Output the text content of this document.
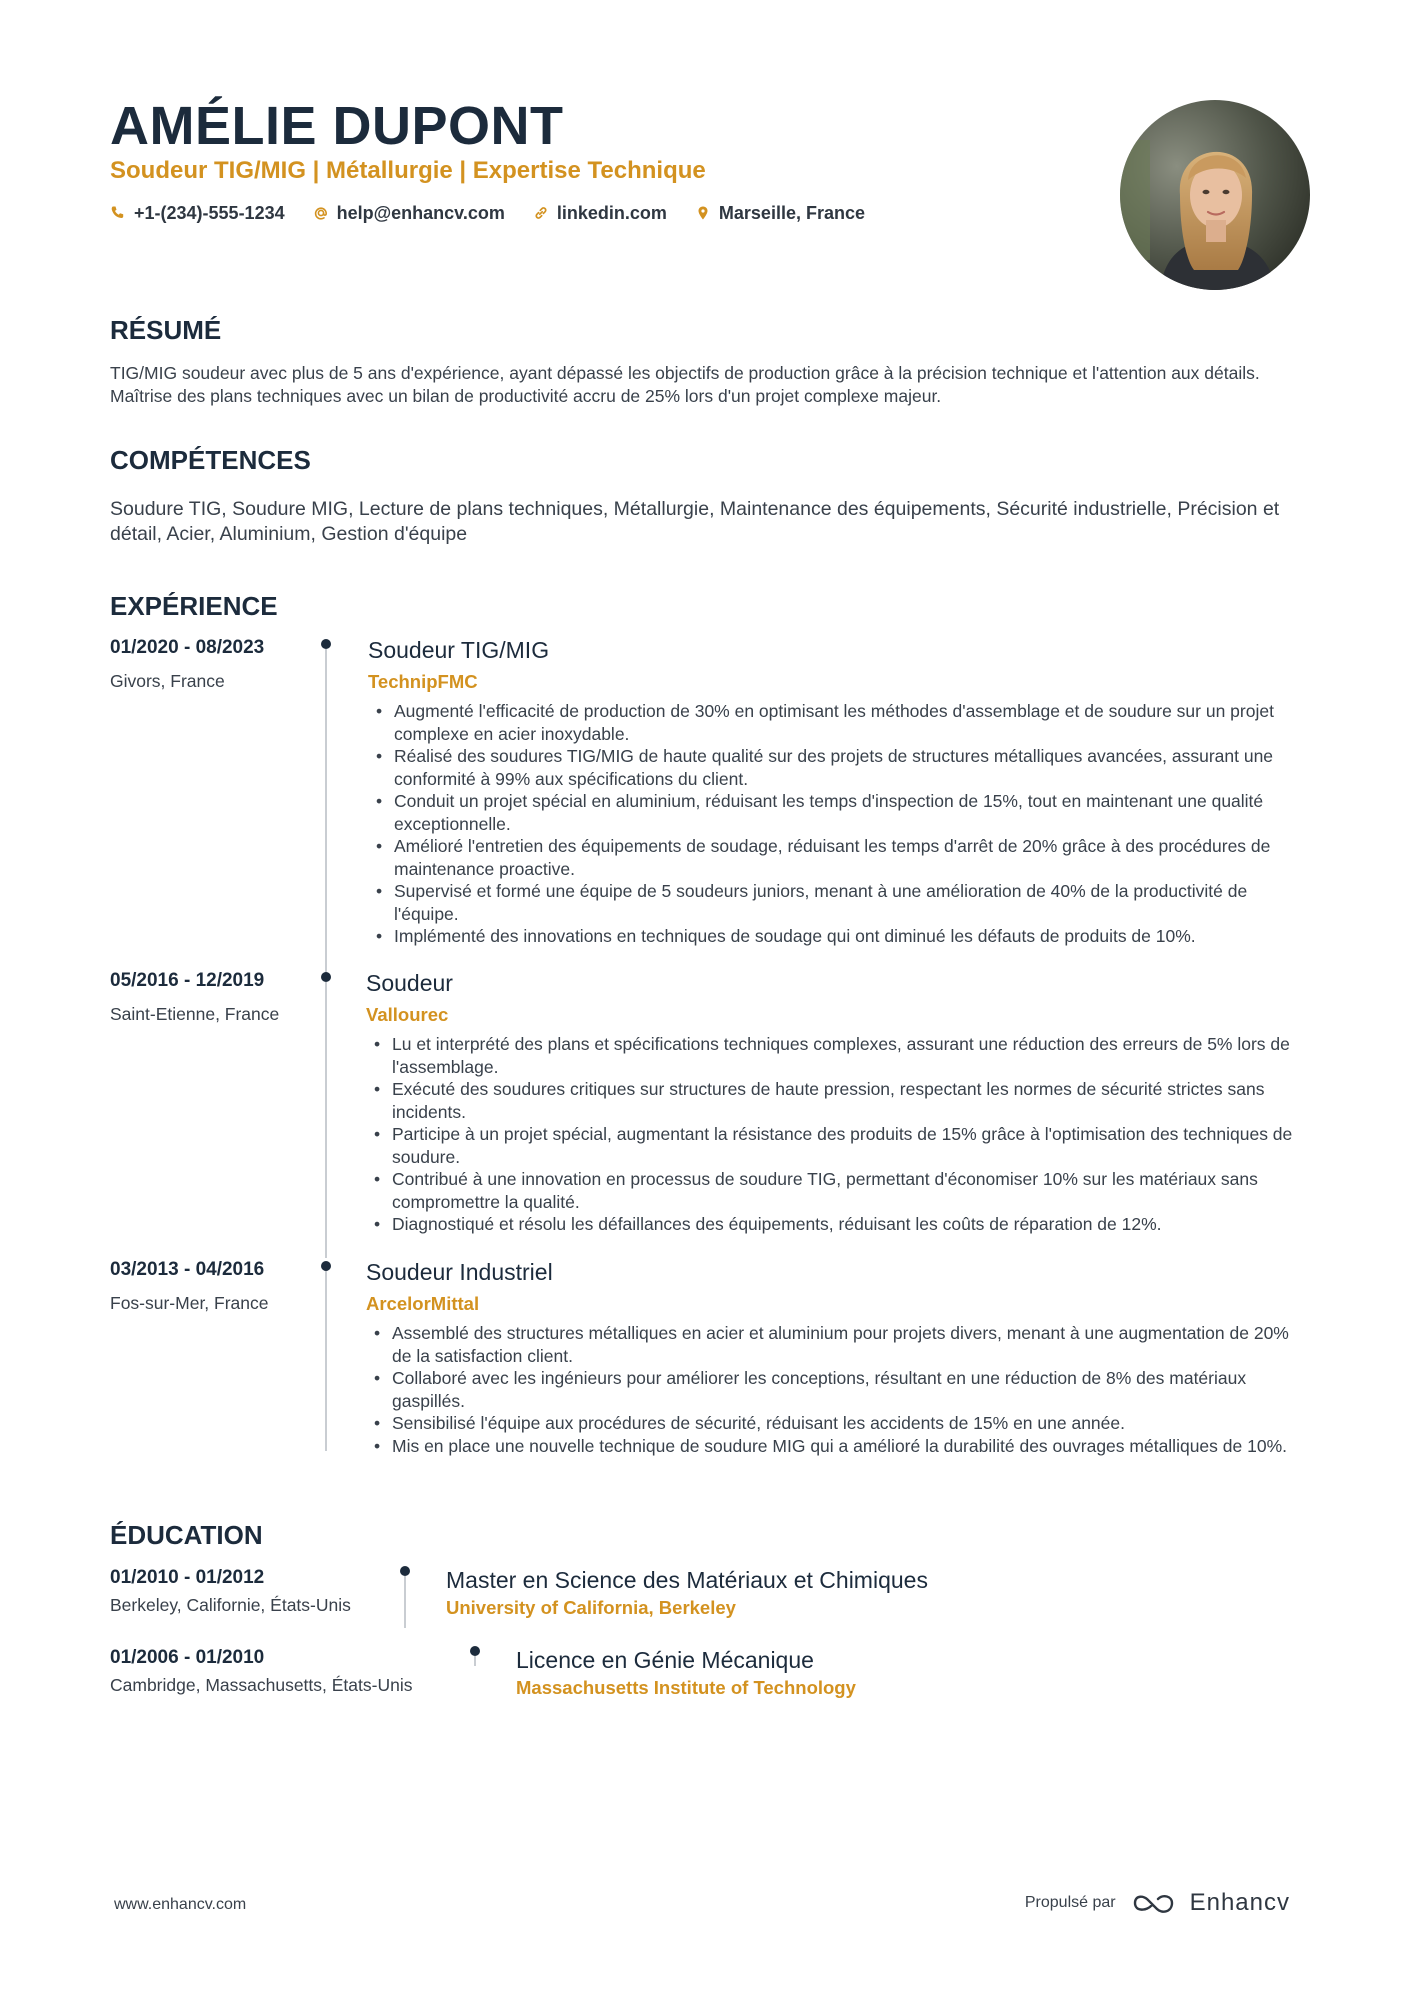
AMÉLIE DUPONT
Soudeur TIG/MIG | Métallurgie | Expertise Technique
+1-(234)-555-1234	help@enhancv.com	linkedin.com	Marseille, France
RÉSUMÉ
TIG/MIG soudeur avec plus de 5 ans d'expérience, ayant dépassé les objectifs de production grâce à la précision technique et l'attention aux détails. Maîtrise des plans techniques avec un bilan de productivité accru de 25% lors d'un projet complexe majeur.
COMPÉTENCES
Soudure TIG, Soudure MIG, Lecture de plans techniques, Métallurgie, Maintenance des équipements, Sécurité industrielle, Précision et détail, Acier, Aluminium, Gestion d'équipe
EXPÉRIENCE
01/2020 - 08/2023
Givors, France
Soudeur TIG/MIG
TechnipFMC
• Augmenté l'efficacité de production de 30% en optimisant les méthodes d'assemblage et de soudure sur un projet complexe en acier inoxydable.
• Réalisé des soudures TIG/MIG de haute qualité sur des projets de structures métalliques avancées, assurant une conformité à 99% aux spécifications du client.
• Conduit un projet spécial en aluminium, réduisant les temps d'inspection de 15%, tout en maintenant une qualité exceptionnelle.
• Amélioré l'entretien des équipements de soudage, réduisant les temps d'arrêt de 20% grâce à des procédures de maintenance proactive.
• Supervisé et formé une équipe de 5 soudeurs juniors, menant à une amélioration de 40% de la productivité de l'équipe.
• Implémenté des innovations en techniques de soudage qui ont diminué les défauts de produits de 10%.
05/2016 - 12/2019
Saint-Etienne, France
Soudeur
Vallourec
• Lu et interprété des plans et spécifications techniques complexes, assurant une réduction des erreurs de 5% lors de l'assemblage.
• Exécuté des soudures critiques sur structures de haute pression, respectant les normes de sécurité strictes sans incidents.
• Participe à un projet spécial, augmentant la résistance des produits de 15% grâce à l'optimisation des techniques de soudure.
• Contribué à une innovation en processus de soudure TIG, permettant d'économiser 10% sur les matériaux sans compromettre la qualité.
• Diagnostiqué et résolu les défaillances des équipements, réduisant les coûts de réparation de 12%.
03/2013 - 04/2016
Fos-sur-Mer, France
Soudeur Industriel
ArcelorMittal
• Assemblé des structures métalliques en acier et aluminium pour projets divers, menant à une augmentation de 20% de la satisfaction client.
• Collaboré avec les ingénieurs pour améliorer les conceptions, résultant en une réduction de 8% des matériaux gaspillés.
• Sensibilisé l'équipe aux procédures de sécurité, réduisant les accidents de 15% en une année.
• Mis en place une nouvelle technique de soudure MIG qui a amélioré la durabilité des ouvrages métalliques de 10%.
ÉDUCATION
01/2010 - 01/2012
Berkeley, Californie, États-Unis
Master en Science des Matériaux et Chimiques
University of California, Berkeley
01/2006 - 01/2010
Cambridge, Massachusetts, États-Unis
Licence en Génie Mécanique
Massachusetts Institute of Technology
www.enhancv.com	Propulsé par	Enhancv
